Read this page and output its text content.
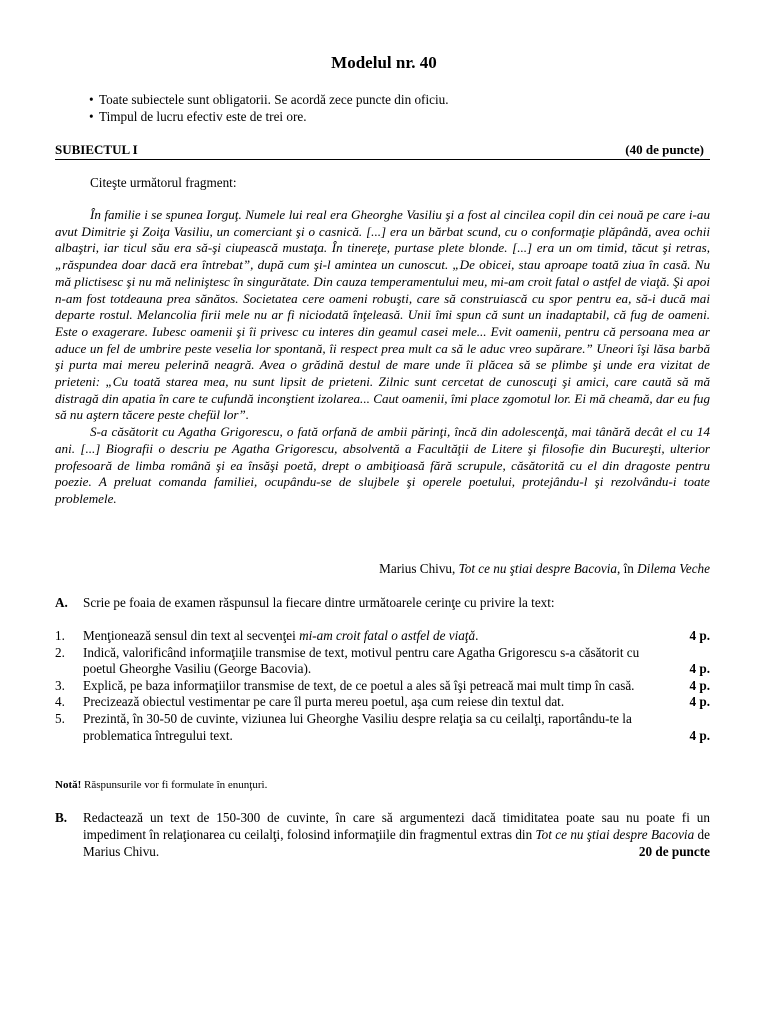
Modelul nr. 40
• Toate subiectele sunt obligatorii. Se acordă zece puncte din oficiu.
• Timpul de lucru efectiv este de trei ore.
SUBIECTUL I	(40 de puncte)
Citeşte următorul fragment:

În familie i se spunea Iorguţ. Numele lui real era Gheorghe Vasiliu şi a fost al cincilea copil din cei nouă pe care i-au avut Dimitrie şi Zoiţa Vasiliu, un comerciant şi o casnică. [...] era un bărbat scund, cu o conformaţie plăpândă, avea ochii albaştri, iar ticul său era să-şi ciupească mustaţa. În tinereţe, purtase plete blonde. [...] era un om timid, tăcut şi retras, „răspundea doar dacă era întrebat”, după cum şi-l amintea un cunoscut. „De obicei, stau aproape toată ziua în casă. Nu mă plictisesc şi nu mă neliniştesc în singurătate. Din cauza temperamentului meu, mi-am croit fatal o astfel de viaţă. Şi apoi n-am fost totdeauna prea sănătos. Societatea cere oameni robuşti, care să construiască cu spor pentru ea, să-i ducă mai departe rostul. Melancolia firii mele nu ar fi niciodată înţeleasă. Unii îmi spun că sunt un inadaptabil, că fug de oameni. Este o exagerare. Iubesc oamenii şi îi privesc cu interes din geamul casei mele... Evit oamenii, pentru că persoana mea ar aduce un fel de umbrire peste veselia lor spontană, îi respect prea mult ca să le aduc vreo supărare.” Uneori îşi lăsa barbă şi purta mai mereu pelerină neagră. Avea o grădină destul de mare unde îi plăcea să se plimbe şi unde era vizitat de prieteni: „Cu toată starea mea, nu sunt lipsit de prieteni. Zilnic sunt cercetat de cunoscuţi şi amici, care caută să mă distragă din apatia în care te cufundă inconştient izolarea... Caut oamenii, îmi place zgomotul lor. Ei mă cheamă, dar eu fug să nu aştern tăcere peste chefül lor”.

S-a căsătorit cu Agatha Grigorescu, o fată orfană de ambii părinţi, încă din adolescenţă, mai tânără decât el cu 14 ani. [...] Biografii o descriu pe Agatha Grigorescu, absolventă a Facultăţii de Litere şi filosofie din Bucureşti, ulterior profesoară de limba română şi ea însăşi poetă, drept o ambiţioasă fără scrupule, căsătorită cu el din dragoste pentru poezie. A preluat comanda familiei, ocupându-se de slujbele şi operele poetului, protejându-l şi rezolvându-i toate problemele.

Marius Chivu, Tot ce nu ştiai despre Bacovia, în Dilema Veche
A. Scrie pe foaia de examen răspunsul la fiecare dintre următoarele cerinţe cu privire la text:
1. Menţionează sensul din text al secvenţei mi-am croit fatal o astfel de viaţă.	4 p.
2. Indică, valorificând informaţiile transmise de text, motivul pentru care Agatha Grigorescu s-a căsătorit cu poetul Gheorghe Vasiliu (George Bacovia).	4 p.
3. Explică, pe baza informaţiilor transmise de text, de ce poetul a ales să îşi petreacă mai mult timp în casă.	4 p.
4. Precizează obiectul vestimentar pe care îl purta mereu poetul, aşa cum reiese din textul dat.	4 p.
5. Prezintă, în 30-50 de cuvinte, viziunea lui Gheorghe Vasiliu despre relaţia sa cu ceilalţi, raportându-te la problematica întregului text.	4 p.
Notă! Răspunsurile vor fi formulate în enunţuri.
B. Redactează un text de 150-300 de cuvinte, în care să argumentezi dacă timiditatea poate sau nu poate fi un impediment în relaţionarea cu ceilalţi, folosind informaţiile din fragmentul extras din Tot ce nu ştiai despre Bacovia de Marius Chivu.	20 de puncte
